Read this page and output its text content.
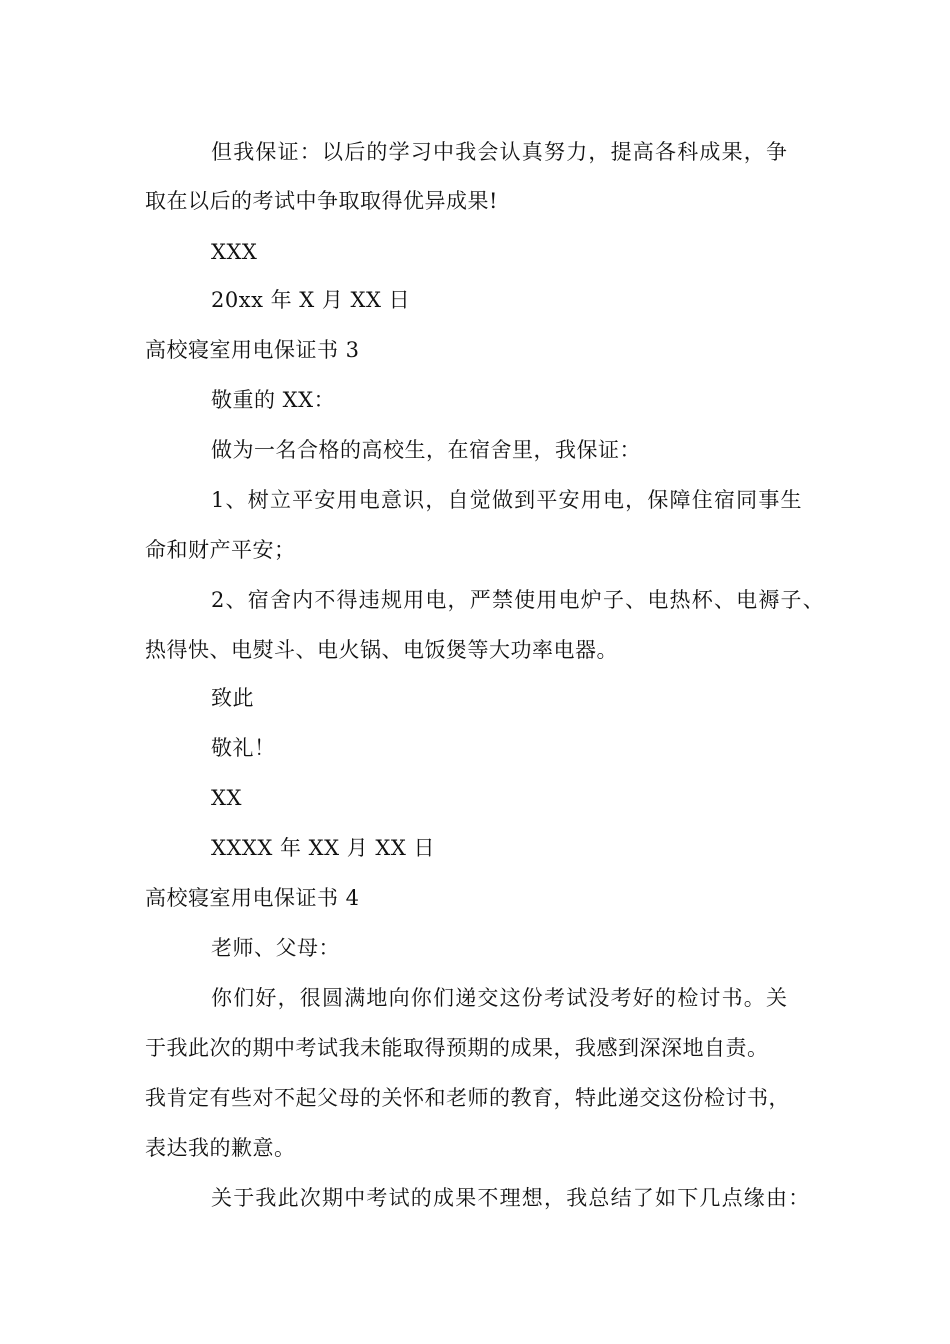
但我保证：以后的学习中我会认真努力，提高各科成果，争
取在以后的考试中争取取得优异成果!
XXX
20xx 年 X 月 XX 日
高校寝室用电保证书 3
敬重的 XX：
做为一名合格的高校生，在宿舍里，我保证：
1、树立平安用电意识，自觉做到平安用电，保障住宿同事生
命和财产平安；
2、宿舍内不得违规用电，严禁使用电炉子、电热杯、电褥子、
热得快、电熨斗、电火锅、电饭煲等大功率电器。
致此
敬礼！
XX
XXXX 年 XX 月 XX 日
高校寝室用电保证书 4
老师、父母：
你们好，很圆满地向你们递交这份考试没考好的检讨书。关
于我此次的期中考试我未能取得预期的成果，我感到深深地自责。
我肯定有些对不起父母的关怀和老师的教育，特此递交这份检讨书，
表达我的歉意。
关于我此次期中考试的成果不理想，我总结了如下几点缘由：
